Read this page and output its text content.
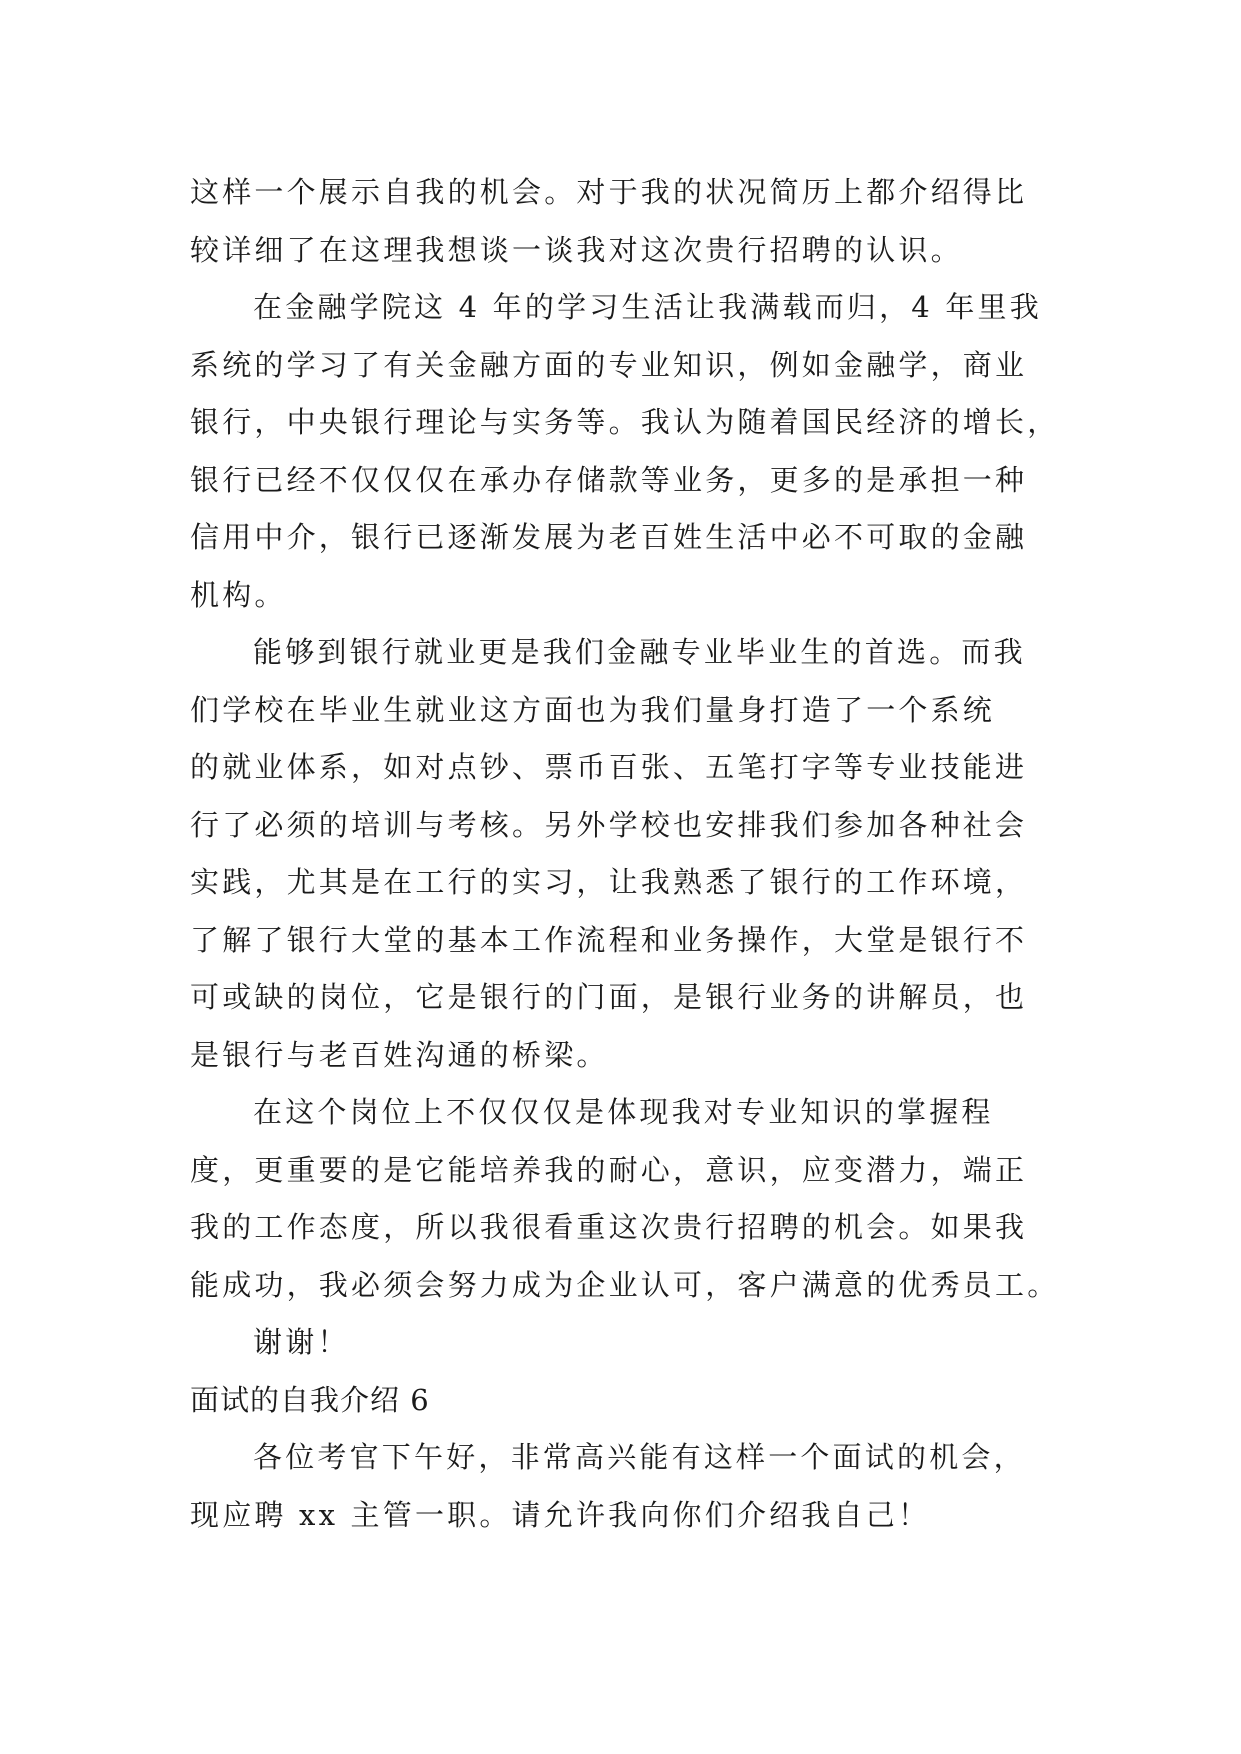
这样一个展示自我的机会。对于我的状况简历上都介绍得比
较详细了在这理我想谈一谈我对这次贵行招聘的认识。
在金融学院这 4 年的学习生活让我满载而归，4 年里我
系统的学习了有关金融方面的专业知识，例如金融学，商业
银行，中央银行理论与实务等。我认为随着国民经济的增长，
银行已经不仅仅仅在承办存储款等业务，更多的是承担一种
信用中介，银行已逐渐发展为老百姓生活中必不可取的金融
机构。
能够到银行就业更是我们金融专业毕业生的首选。而我
们学校在毕业生就业这方面也为我们量身打造了一个系统
的就业体系，如对点钞、票币百张、五笔打字等专业技能进
行了必须的培训与考核。另外学校也安排我们参加各种社会
实践，尤其是在工行的实习，让我熟悉了银行的工作环境，
了解了银行大堂的基本工作流程和业务操作，大堂是银行不
可或缺的岗位，它是银行的门面，是银行业务的讲解员，也
是银行与老百姓沟通的桥梁。
在这个岗位上不仅仅仅是体现我对专业知识的掌握程
度，更重要的是它能培养我的耐心，意识，应变潜力，端正
我的工作态度，所以我很看重这次贵行招聘的机会。如果我
能成功，我必须会努力成为企业认可，客户满意的优秀员工。
谢谢！
面试的自我介绍 6
各位考官下午好，非常高兴能有这样一个面试的机会，
现应聘 xx 主管一职。请允许我向你们介绍我自己！
